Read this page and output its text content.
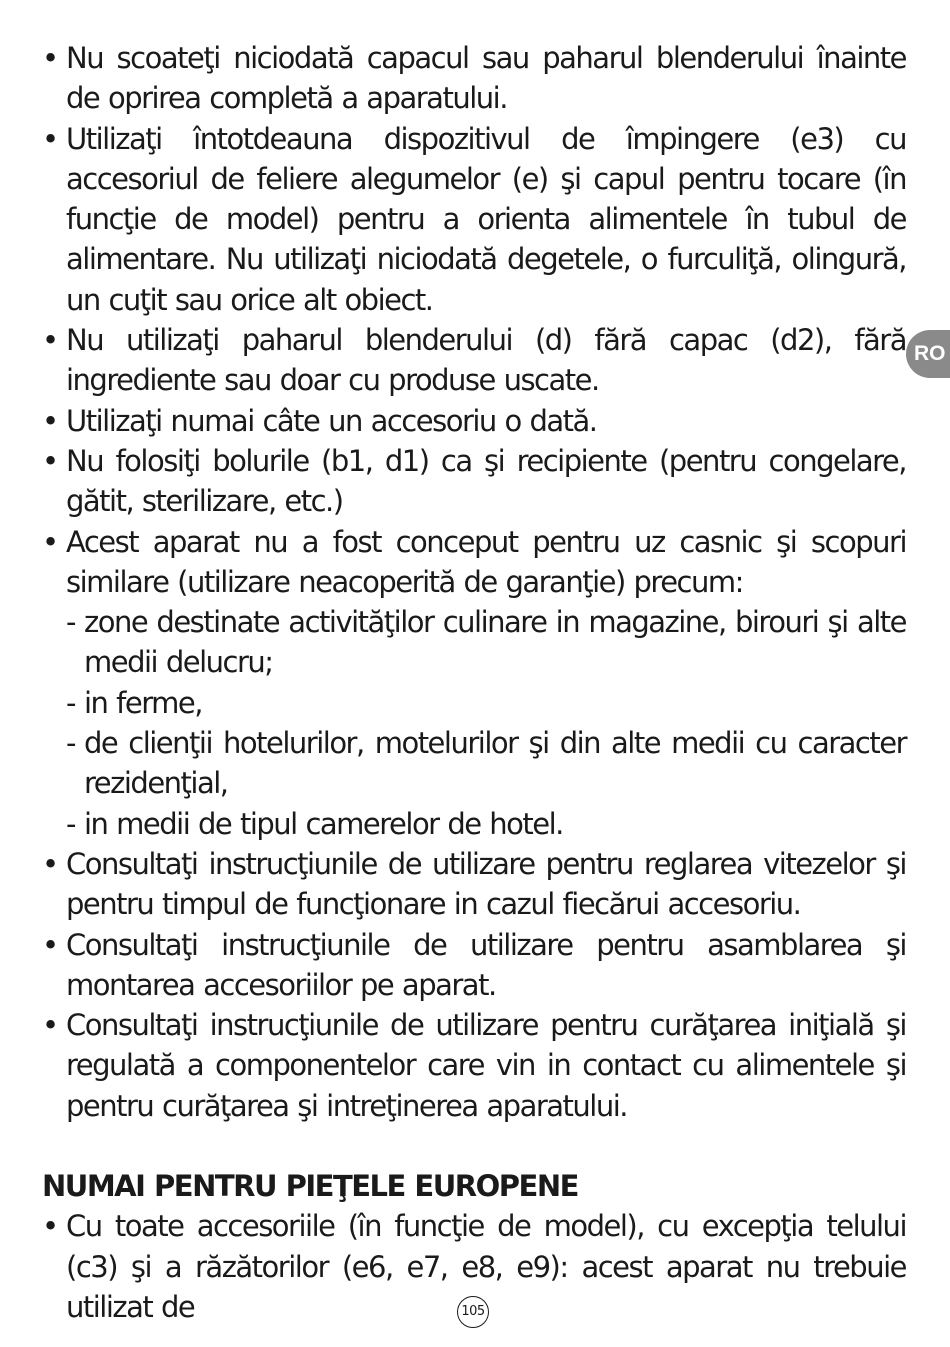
• Nu scoateţi niciodată capacul sau paharul blenderului înainte de oprirea completă a aparatului.
• Utilizaţi întotdeauna dispozitivul de împingere (e3) cu accesoriul de feliere alegumelor (e) şi capul pentru tocare (în funcţie de model) pentru a orienta alimentele în tubul de alimentare. Nu utilizaţi niciodată degetele, o furculiţă, olingură, un cuţit sau orice alt obiect.
• Nu utilizaţi paharul blenderului (d) fără capac (d2), fără ingrediente sau doar cu produse uscate.
• Utilizaţi numai câte un accesoriu o dată.
• Nu folosiţi bolurile (b1, d1) ca şi recipiente (pentru congelare, gătit, sterilizare, etc.)
• Acest aparat nu a fost conceput pentru uz casnic şi scopuri similare (utilizare neacoperită de garanţie) precum:
- zone destinate activităţilor culinare in magazine, birouri şi alte medii delucru;
- in ferme,
- de clienţii hotelurilor, motelurilor şi din alte medii cu caracter rezidenţial,
- in medii de tipul camerelor de hotel.
• Consultaţi instrucţiunile de utilizare pentru reglarea vitezelor şi pentru timpul de funcţionare in cazul fiecărui accesoriu.
• Consultaţi instrucţiunile de utilizare pentru asamblarea şi montarea accesoriilor pe aparat.
• Consultaţi instrucţiunile de utilizare pentru curăţarea iniţială şi regulată a componentelor care vin in contact cu alimentele şi pentru curăţarea şi intreţinerea aparatului.
NUMAI PENTRU PIEŢELE EUROPENE
• Cu toate accesoriile (în funcţie de model), cu excepţia telului (c3) şi a răzătorilor (e6, e7, e8, e9): acest aparat nu trebuie utilizat de
RO
105
